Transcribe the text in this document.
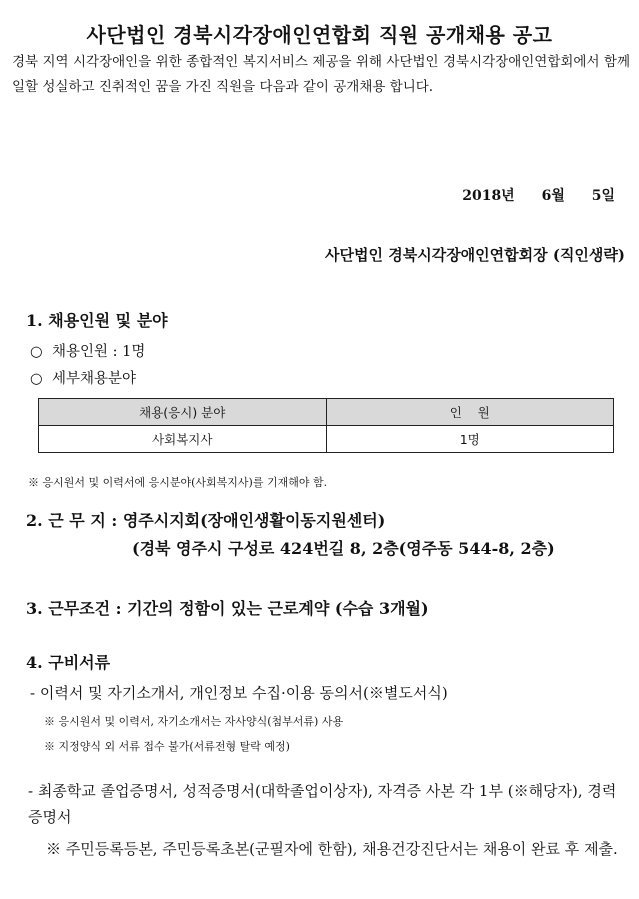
사단법인 경북시각장애인연합회 직원 공개채용 공고

경북 지역 시각장애인을 위한 종합적인 복지서비스 제공을 위해 사단법인 경북시각장애인연합회에서 함께 일할 성실하고 진취적인 꿈을 가진 직원을 다음과 같이 공개채용 합니다.

2018년 6월 5일
사단법인 경북시각장애인연합회장 (직인생략)
1. 채용인원 및 분야
○ 채용인원 : 1명
○ 세부채용분야
채용(응시) 분야	인    원
사회복지사	1명
※ 응시원서 및 이력서에 응시분야(사회복지사)를 기재해야 함.
2. 근 무 지 : 영주시지회(장애인생활이동지원센터)
(경북 영주시 구성로 424번길 8, 2층(영주동 544-8, 2층)
3. 근무조건 : 기간의 정함이 있는 근로계약 (수습 3개월)
4. 구비서류
- 이력서 및 자기소개서, 개인정보 수집·이용 동의서(※별도서식)
※ 응시원서 및 이력서, 자기소개서는 자사양식(첨부서류) 사용
※ 지정양식 외 서류 접수 불가(서류전형 탈락 예정)
- 최종학교 졸업증명서, 성적증명서(대학졸업이상자), 자격증 사본 각 1부 (※해당자), 경력증명서
※ 주민등록등본, 주민등록초본(군필자에 한함), 채용건강진단서는 채용이 완료 후 제출.
